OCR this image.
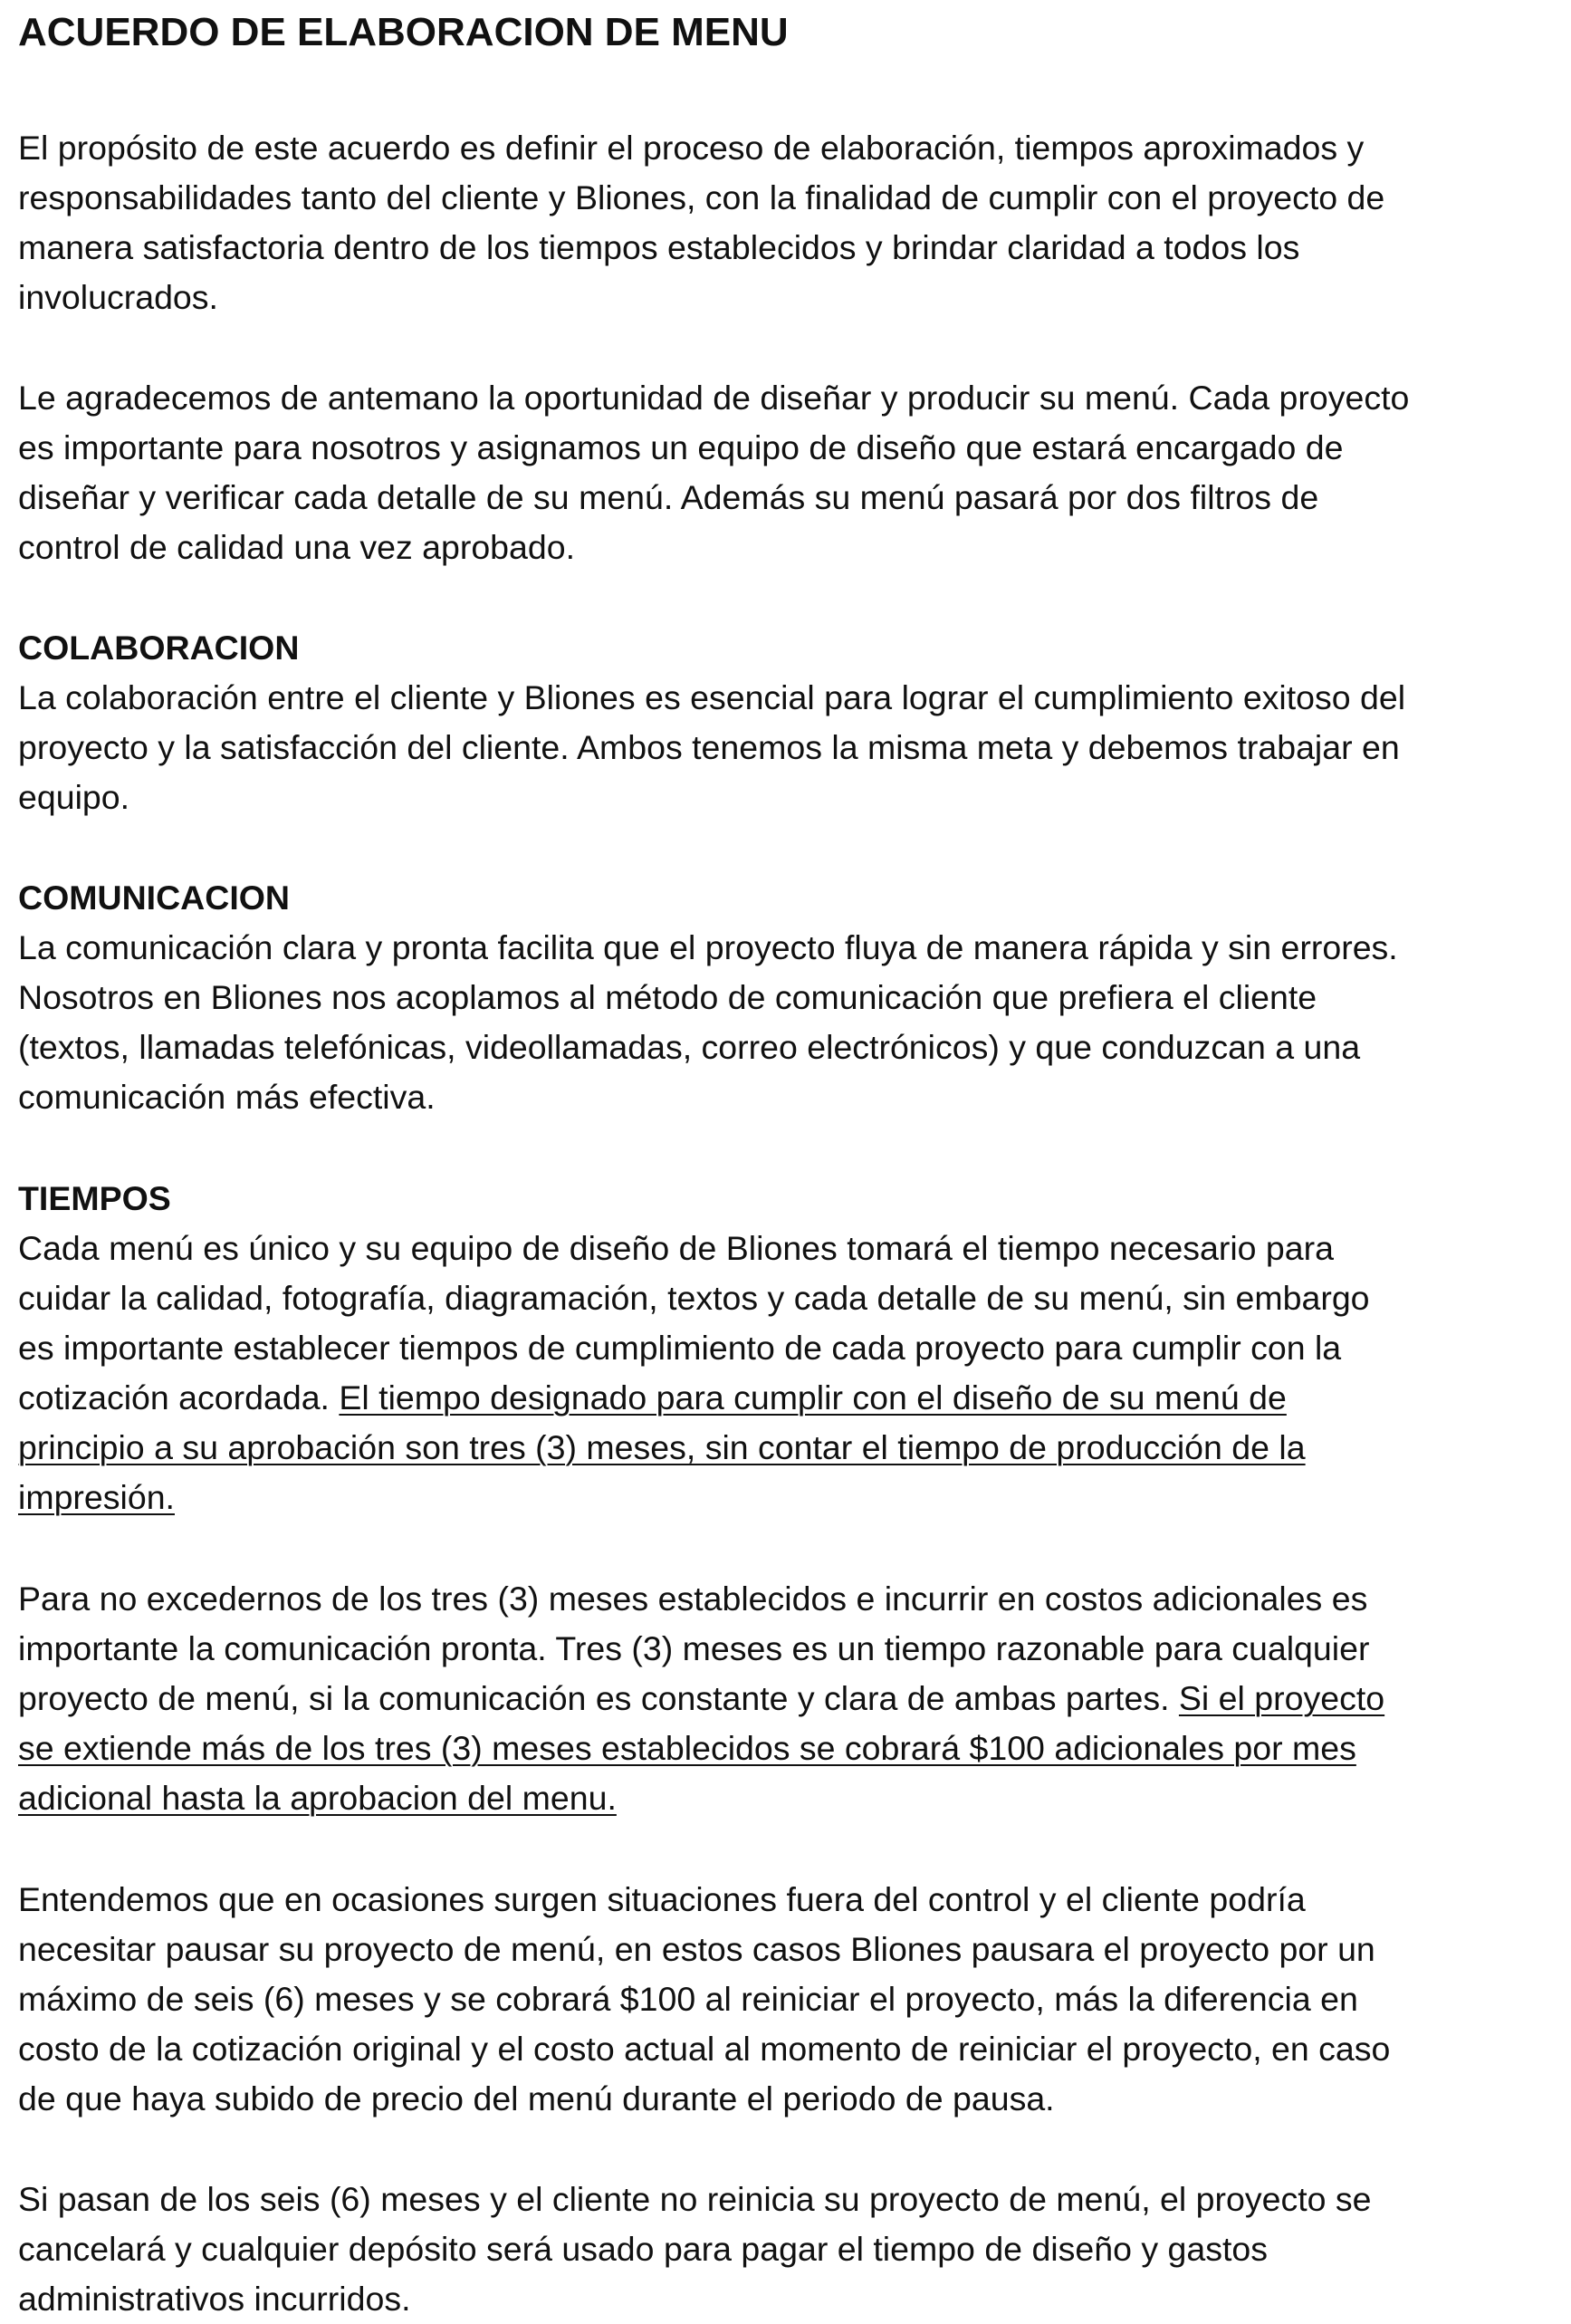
ACUERDO DE ELABORACION DE MENU

El propósito de este acuerdo es definir el proceso de elaboración, tiempos aproximados y
responsabilidades tanto del cliente y Bliones, con la finalidad de cumplir con el proyecto de
manera satisfactoria dentro de los tiempos establecidos y brindar claridad a todos los
involucrados.

Le agradecemos de antemano la oportunidad de diseñar y producir su menú. Cada proyecto
es importante para nosotros y asignamos un equipo de diseño que estará encargado de
diseñar y verificar cada detalle de su menú. Además su menú pasará por dos filtros de
control de calidad una vez aprobado.

COLABORACION
La colaboración entre el cliente y Bliones es esencial para lograr el cumplimiento exitoso del
proyecto y la satisfacción del cliente. Ambos tenemos la misma meta y debemos trabajar en
equipo.
COMUNICACION
La comunicación clara y pronta facilita que el proyecto fluya de manera rápida y sin errores.
Nosotros en Bliones nos acoplamos al método de comunicación que prefiera el cliente
(textos, llamadas telefónicas, videollamadas, correo electrónicos) y que conduzcan a una
comunicación más efectiva.
TIEMPOS
Cada menú es único y su equipo de diseño de Bliones tomará el tiempo necesario para
cuidar la calidad, fotografía, diagramación, textos y cada detalle de su menú, sin embargo
es importante establecer tiempos de cumplimiento de cada proyecto para cumplir con la
cotización acordada. El tiempo designado para cumplir con el diseño de su menú de
principio a su aprobación son tres (3) meses, sin contar el tiempo de producción de la
impresión.

Para no excedernos de los tres (3) meses establecidos e incurrir en costos adicionales es
importante la comunicación pronta. Tres (3) meses es un tiempo razonable para cualquier
proyecto de menú, si la comunicación es constante y clara de ambas partes. Si el proyecto
se extiende más de los tres (3) meses establecidos se cobrará $100 adicionales por mes
adicional hasta la aprobacion del menu.

Entendemos que en ocasiones surgen situaciones fuera del control y el cliente podría
necesitar pausar su proyecto de menú, en estos casos Bliones pausara el proyecto por un
máximo de seis (6) meses y se cobrará $100 al reiniciar el proyecto, más la diferencia en
costo de la cotización original y el costo actual al momento de reiniciar el proyecto, en caso
de que haya subido de precio del menú durante el periodo de pausa.

Si pasan de los seis (6) meses y el cliente no reinicia su proyecto de menú, el proyecto se
cancelará y cualquier depósito será usado para pagar el tiempo de diseño y gastos
administrativos incurridos.
